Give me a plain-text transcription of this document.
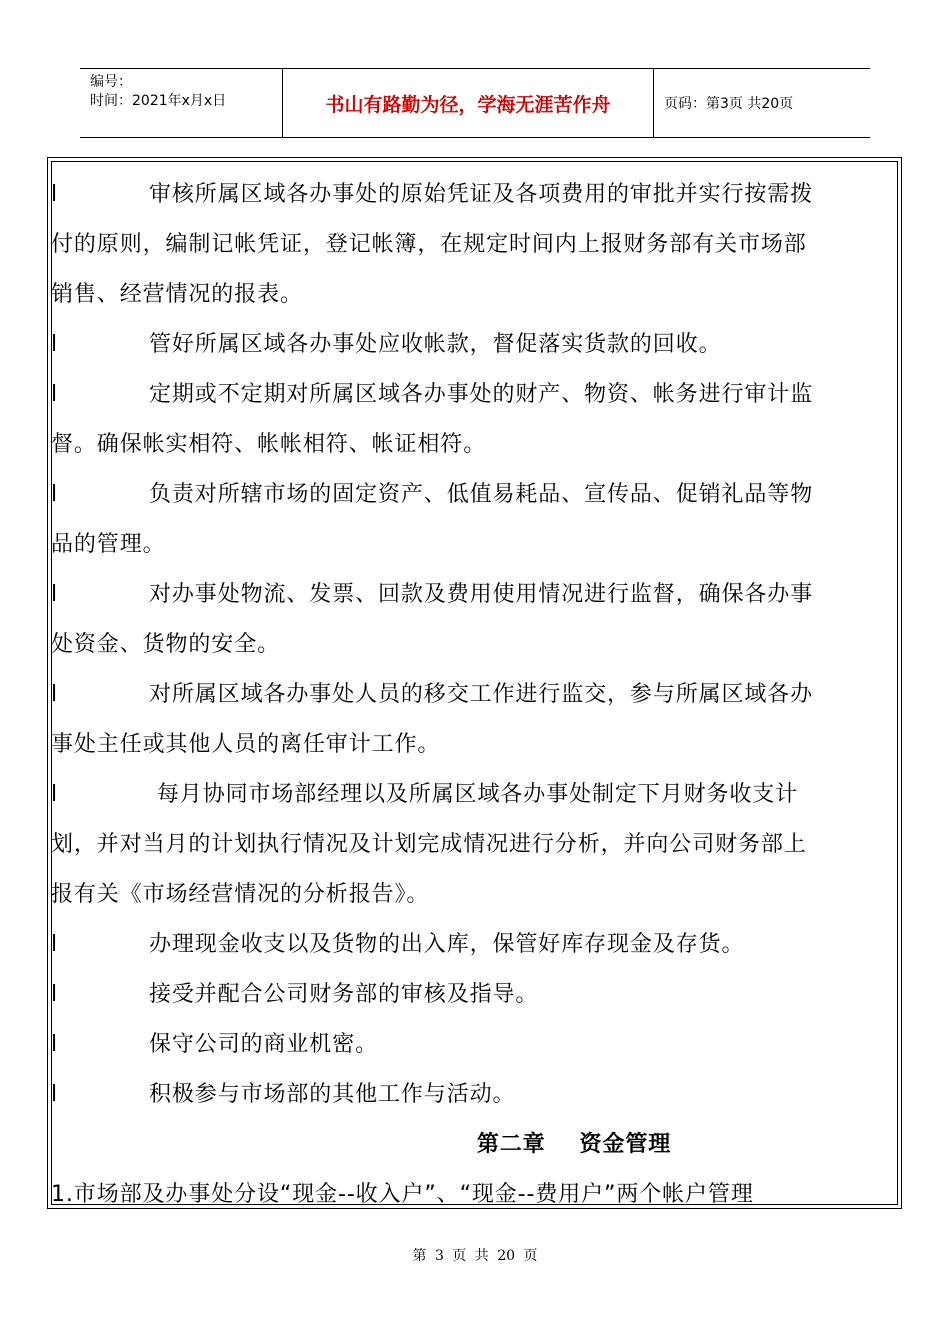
编号：
时间：2021年x月x日	书山有路勤为径，学海无涯苦作舟	页码：第3页 共20页
l	审核所属区域各办事处的原始凭证及各项费用的审批并实行按需拨
付的原则，编制记帐凭证，登记帐簿，在规定时间内上报财务部有关市场部
销售、经营情况的报表。
l	管好所属区域各办事处应收帐款，督促落实货款的回收。
l	定期或不定期对所属区域各办事处的财产、物资、帐务进行审计监
督。确保帐实相符、帐帐相符、帐证相符。
l	负责对所辖市场的固定资产、低值易耗品、宣传品、促销礼品等物
品的管理。
l	对办事处物流、发票、回款及费用使用情况进行监督，确保各办事
处资金、货物的安全。
l	对所属区域各办事处人员的移交工作进行监交，参与所属区域各办
事处主任或其他人员的离任审计工作。
l	每月协同市场部经理以及所属区域各办事处制定下月财务收支计
划，并对当月的计划执行情况及计划完成情况进行分析，并向公司财务部上
报有关《市场经营情况的分析报告》。
l	办理现金收支以及货物的出入库，保管好库存现金及存货。
l	接受并配合公司财务部的审核及指导。
l	保守公司的商业机密。
l	积极参与市场部的其他工作与活动。
第二章 资金管理
1.市场部及办事处分设“现金--收入户”、“现金--费用户”两个帐户管理
第 3 页 共 20 页
